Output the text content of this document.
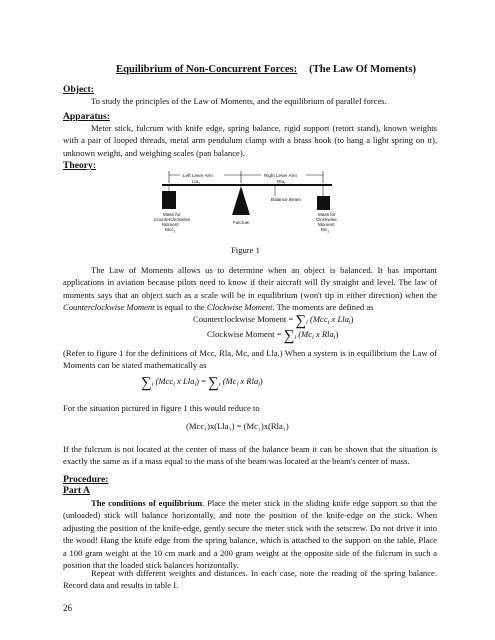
Equilibrium of Non-Concurrent Forces: (The Law Of Moments)
Object:
To study the principles of the Law of Moments, and the equilibrium of parallel forces.
Apparatus:
Meter stick, fulcrum with knife edge, spring balance, rigid support (retort stand), known weights with a pair of looped threads, metal arm pendulum clamp with a brass hook (to hang a light spring on it), unknown weight, and weighing scales (pan balance).
Theory:
Left Lever Arm
Lla$_1$
Right Lever Arm
Rla$_1$
Balance Beam
Fulcrum
Mass for
Counterclockwise
Moment
Mcc$_1$
Mass for
Clockwise
Moment
$Mc_1$
Figure 1
The Law of Moments allows us to determine when an object is balanced. It has important applications in aviation because pilots need to know if their aircraft will fly straight and level. The law of moments says that an object such as a scale will be in equilibrium (won't tip in either direction) when the Counterclockwise Moment is equal to the Clockwise Moment. The moments are defined as
Counterclockwise Moment = $\sum_i$ (Mcc$_i$ x Lla$_i$)
Clockwise Moment = $\sum_i$ ($Mc_i$ x Rla$_i$)
(Refer to figure 1 for the definitions of Mcc, Rla, Mc, and Lla.) When a system is in equilibrium the Law of Moments can be stated mathematically as
$\sum_i$ (Mcc$_i$ x $Lla_i) = \sum_i$ ($Mc_i$ x Rla$_i$)
For the situation pictured in figure 1 this would reduce to
(Mcc₁)x(Lla₁) = (Mc₁)x(Rla₁)
If the fulcrum is not located at the center of mass of the balance beam it can be shown that the situation is exactly the same as if a mass equal to the mass of the beam was located at the beam's center of mass.
Procedure:
Part A
The conditions of equilibrium. Place the meter stick in the sliding knife edge support so that the (unloaded) stick will balance horizontally, and note the position of the knife-edge on the stick. When adjusting the position of the knife-edge, gently secure the meter stick with the setscrew. Do not drive it into the wood! Hang the knife edge from the spring balance, which is attached to the support on the table, Place a 100 gram weight at the 10 cm mark and a 200 gram weight at the opposite side of the fulcrum in such a position that the loaded stick balances horizontally.
Repeat with different weights and distances. In each case, note the reading of the spring balance. Record data and results in table I.
26
